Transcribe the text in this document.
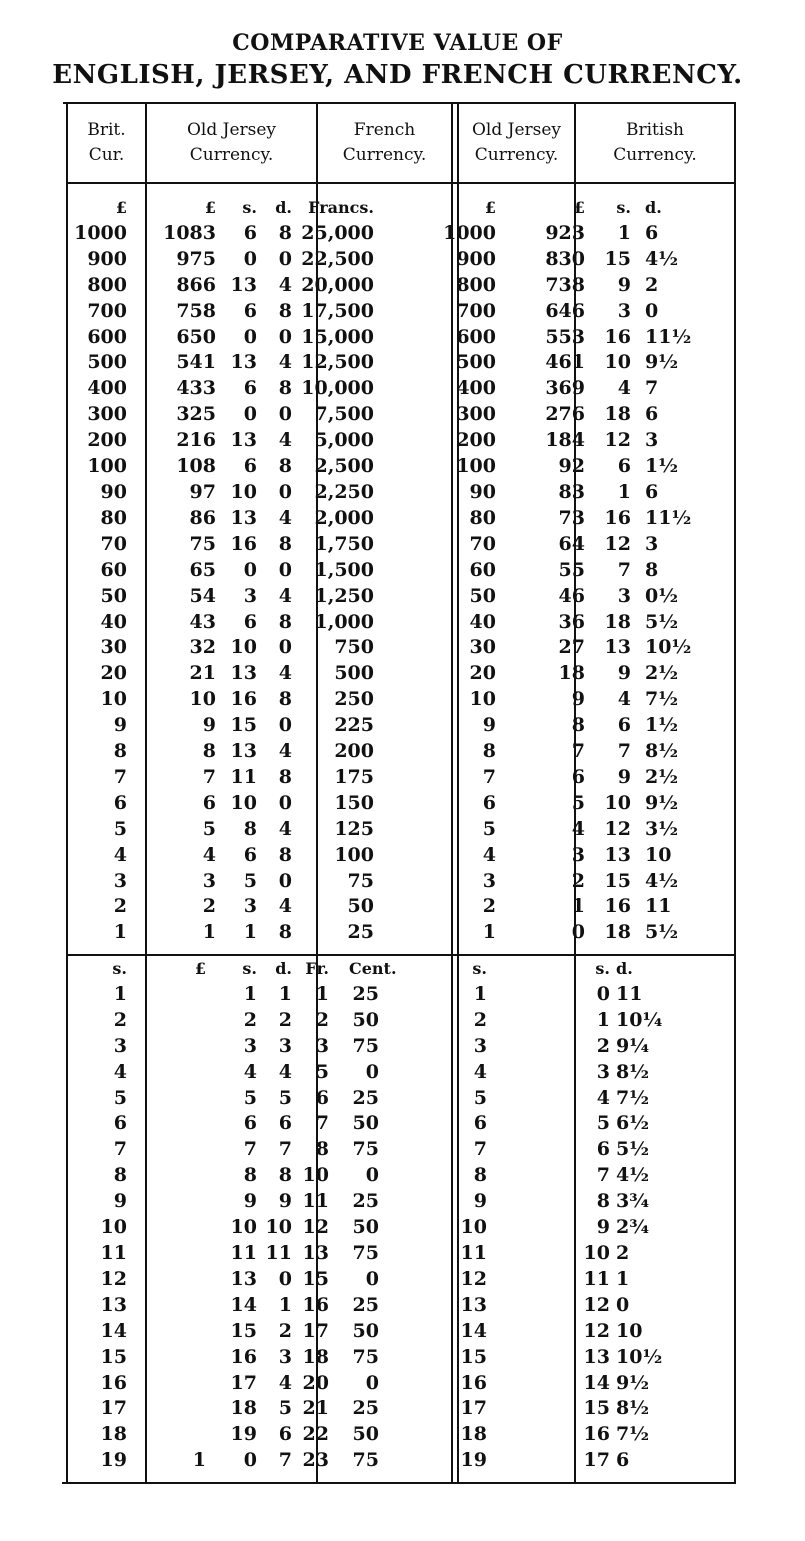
COMPARATIVE VALUE OF
ENGLISH, JERSEY, AND FRENCH CURRENCY.
Brit.
Cur.
Old Jersey
Currency.
French
Currency.
Old Jersey
Currency.
British
Currency.
£	£	s.	d.	Francs.	£	£	s.	d.	
1000	1083	6	8	25,000	1000	923	1	6	
900	975	0	0	22,500	900	830	15	4½	
800	866	13	4	20,000	800	738	9	2	
700	758	6	8	17,500	700	646	3	0	
600	650	0	0	15,000	600	553	16	11½	
500	541	13	4	12,500	500	461	10	9½	
400	433	6	8	10,000	400	369	4	7	
300	325	0	0	7,500	300	276	18	6	
200	216	13	4	5,000	200	184	12	3	
100	108	6	8	2,500	100	92	6	1½	
90	97	10	0	2,250	90	83	1	6	
80	86	13	4	2,000	80	73	16	11½	
70	75	16	8	1,750	70	64	12	3	
60	65	0	0	1,500	60	55	7	8	
50	54	3	4	1,250	50	46	3	0½	
40	43	6	8	1,000	40	36	18	5½	
30	32	10	0	750	30	27	13	10½	
20	21	13	4	500	20	18	9	2½	
10	10	16	8	250	10	9	4	7½	
9	9	15	0	225	9	8	6	1½	
8	8	13	4	200	8	7	7	8½	
7	7	11	8	175	7	6	9	2½	
6	6	10	0	150	6	5	10	9½	
5	5	8	4	125	5	4	12	3½	
4	4	6	8	100	4	3	13	10	
3	3	5	0	75	3	2	15	4½	
2	2	3	4	50	2	1	16	11	
1	1	1	8	25	1	0	18	5½	
s.	£	s.	d.	Fr.	Cent.	s.	s.	d.	
1		1	1	1	25	1	0	11	
2		2	2	2	50	2	1	10¼	
3		3	3	3	75	3	2	9¼	
4		4	4	5	0	4	3	8½	
5		5	5	6	25	5	4	7½	
6		6	6	7	50	6	5	6½	
7		7	7	8	75	7	6	5½	
8		8	8	10	0	8	7	4½	
9		9	9	11	25	9	8	3¾	
10		10	10	12	50	10	9	2¾	
11		11	11	13	75	11	10	2	
12		13	0	15	0	12	11	1	
13		14	1	16	25	13	12	0	
14		15	2	17	50	14	12	10	
15		16	3	18	75	15	13	10½	
16		17	4	20	0	16	14	9½	
17		18	5	21	25	17	15	8½	
18		19	6	22	50	18	16	7½	
19	1	0	7	23	75	19	17	6	
